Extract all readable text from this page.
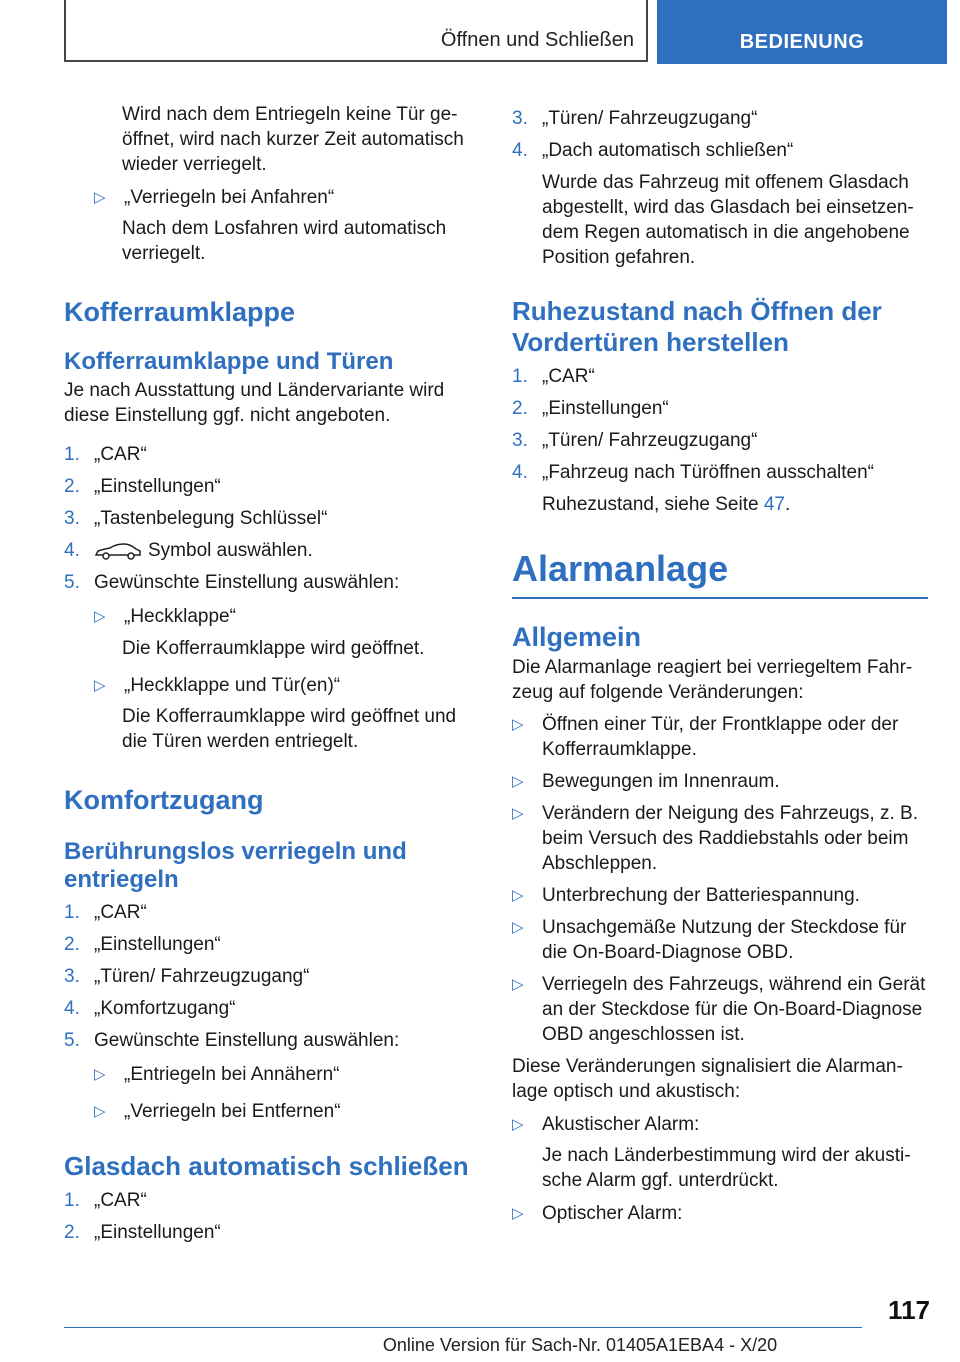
Öffnen und Schließen	BEDIENUNG

Wird nach dem Entriegeln keine Tür ge-

öffnet, wird nach kurzer Zeit automatisch

wieder verriegelt.

▷ „Verriegeln bei Anfahren“

Nach dem Losfahren wird automatisch

verriegelt.

Kofferraumklappe
Kofferraumklappe und Türen

Je nach Ausstattung und Ländervariante wird

diese Einstellung ggf. nicht angeboten.

1. „CAR“
2. „Einstellungen“
3. „Tastenbelegung Schlüssel“
4.	Symbol auswählen.
5. Gewünschte Einstellung auswählen:
▷ „Heckklappe“
Die Kofferraumklappe wird geöffnet.
▷ „Heckklappe und Tür(en)“

Die Kofferraumklappe wird geöffnet und

die Türen werden entriegelt.

Komfortzugang
Berührungslos verriegeln und
entriegeln
1. „CAR“
2. „Einstellungen“
3. „Türen/ Fahrzeugzugang“
4. „Komfortzugang“
5. Gewünschte Einstellung auswählen:
▷ „Entriegeln bei Annähern“
▷ „Verriegeln bei Entfernen“
Glasdach automatisch schließen
1. „CAR“
2. „Einstellungen“
3. „Türen/ Fahrzeugzugang“
4. „Dach automatisch schließen“

Wurde das Fahrzeug mit offenem Glasdach

abgestellt, wird das Glasdach bei einsetzen-

dem Regen automatisch in die angehobene

Position gefahren.

Ruhezustand nach Öffnen der
Vordertüren herstellen
1. „CAR“
2. „Einstellungen“
3. „Türen/ Fahrzeugzugang“
4. „Fahrzeug nach Türöffnen ausschalten“
Ruhezustand, siehe Seite 47.
Alarmanlage
Allgemein

Die Alarmanlage reagiert bei verriegeltem Fahr-

zeug auf folgende Veränderungen:

▷ Öffnen einer Tür, der Frontklappe oder der

Kofferraumklappe.

▷ Bewegungen im Innenraum.

▷ Verändern der Neigung des Fahrzeugs, z. B.

beim Versuch des Raddiebstahls oder beim

Abschleppen.

▷ Unterbrechung der Batteriespannung.

▷ Unsachgemäße Nutzung der Steckdose für

die On-Board-Diagnose OBD.

▷ Verriegeln des Fahrzeugs, während ein Gerät

an der Steckdose für die On-Board-Diagnose

OBD angeschlossen ist.

Diese Veränderungen signalisiert die Alarman-

lage optisch und akustisch:

▷ Akustischer Alarm:

Je nach Länderbestimmung wird der akusti-

sche Alarm ggf. unterdrückt.

▷ Optischer Alarm:
117
Online Version für Sach-Nr. 01405A1EBA4 - X/20
